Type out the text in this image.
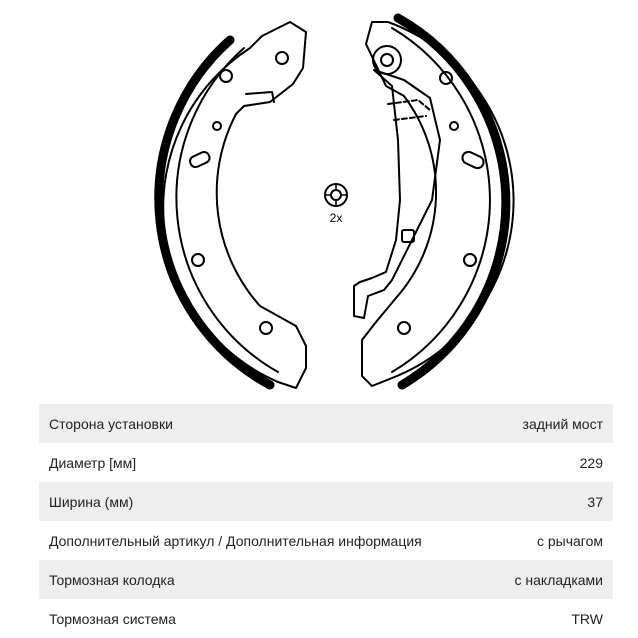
2x
Сторона установки	задний мост
Диаметр [мм]	229
Ширина (мм)	37
Дополнительный артикул / Дополнительная информация	с рычагом
Тормозная колодка	с накладками
Тормозная система	TRW
